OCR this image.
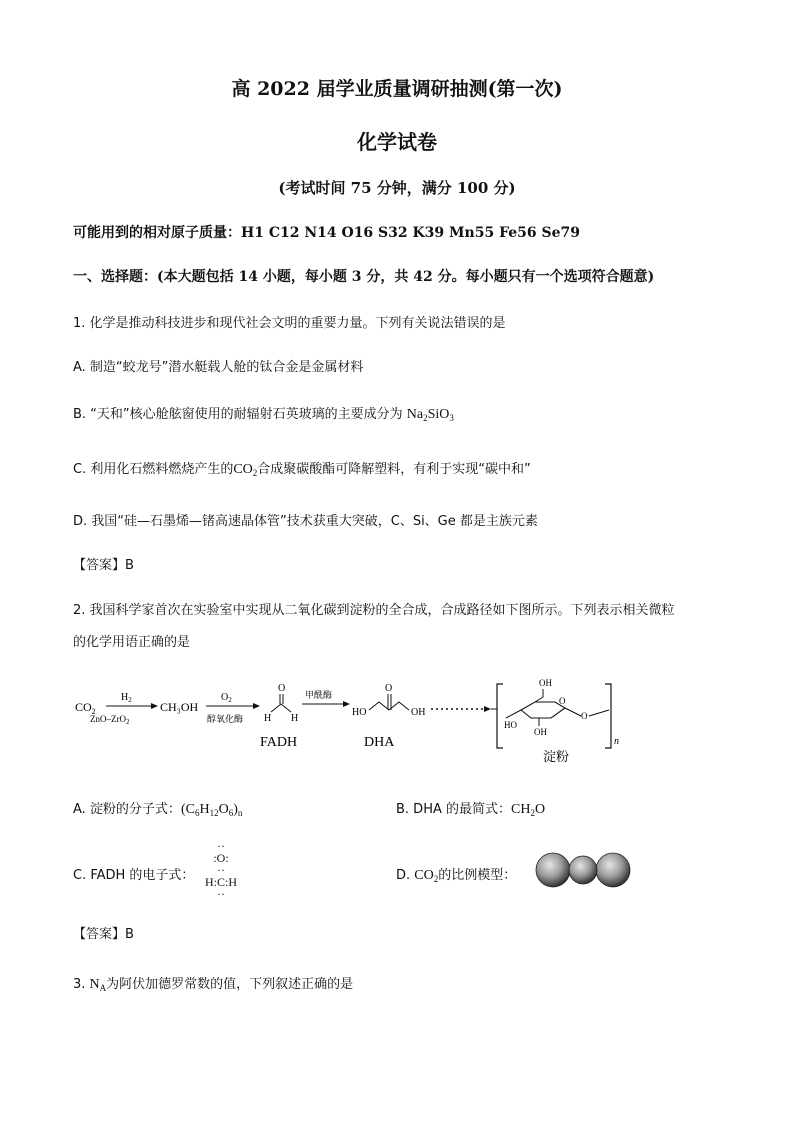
高 2022 届学业质量调研抽测(第一次)
化学试卷
(考试时间 75 分钟，满分 100 分)
可能用到的相对原子质量：H1 C12 N14 O16 S32 K39 Mn55 Fe56 Se79
一、选择题：(本大题包括 14 小题，每小题 3 分，共 42 分。每小题只有一个选项符合题意)
1. 化学是推动科技进步和现代社会文明的重要力量。下列有关说法错误的是
A. 制造“蛟龙号”潜水艇载人舱的钛合金是金属材料
B. “天和”核心舱舷窗使用的耐辐射石英玻璃的主要成分为 $Na_2SiO_3$
C. 利用化石燃料燃烧产生的$CO_2$合成聚碳酸酯可降解塑料，有利于实现“碳中和”
D. 我国“硅—石墨烯—锗高速晶体管”技术获重大突破，C、Si、Ge 都是主族元素
【答案】B
2. 我国科学家首次在实验室中实现从二氧化碳到淀粉的全合成，合成路径如下图所示。下列表示相关微粒
的化学用语正确的是
$CO_2$
$H_2$
ZnO–ZrO$_2$
CH₃OH
$O_2$
醇氧化酶
O
H H
FADH
甲酰酶
HO
O
OH
DHA
OH
O
HO
OH
O
n
淀粉
A. 淀粉的分子式：$(C_6H_{12}O_6)_n$	B. DHA 的最简式：$CH_2O$
C. FADH 的电子式：
··
:O:
··
H:C:H
··
D. $CO_2$的比例模型：
【答案】B
3. $N_A$为阿伏加德罗常数的值，下列叙述正确的是
